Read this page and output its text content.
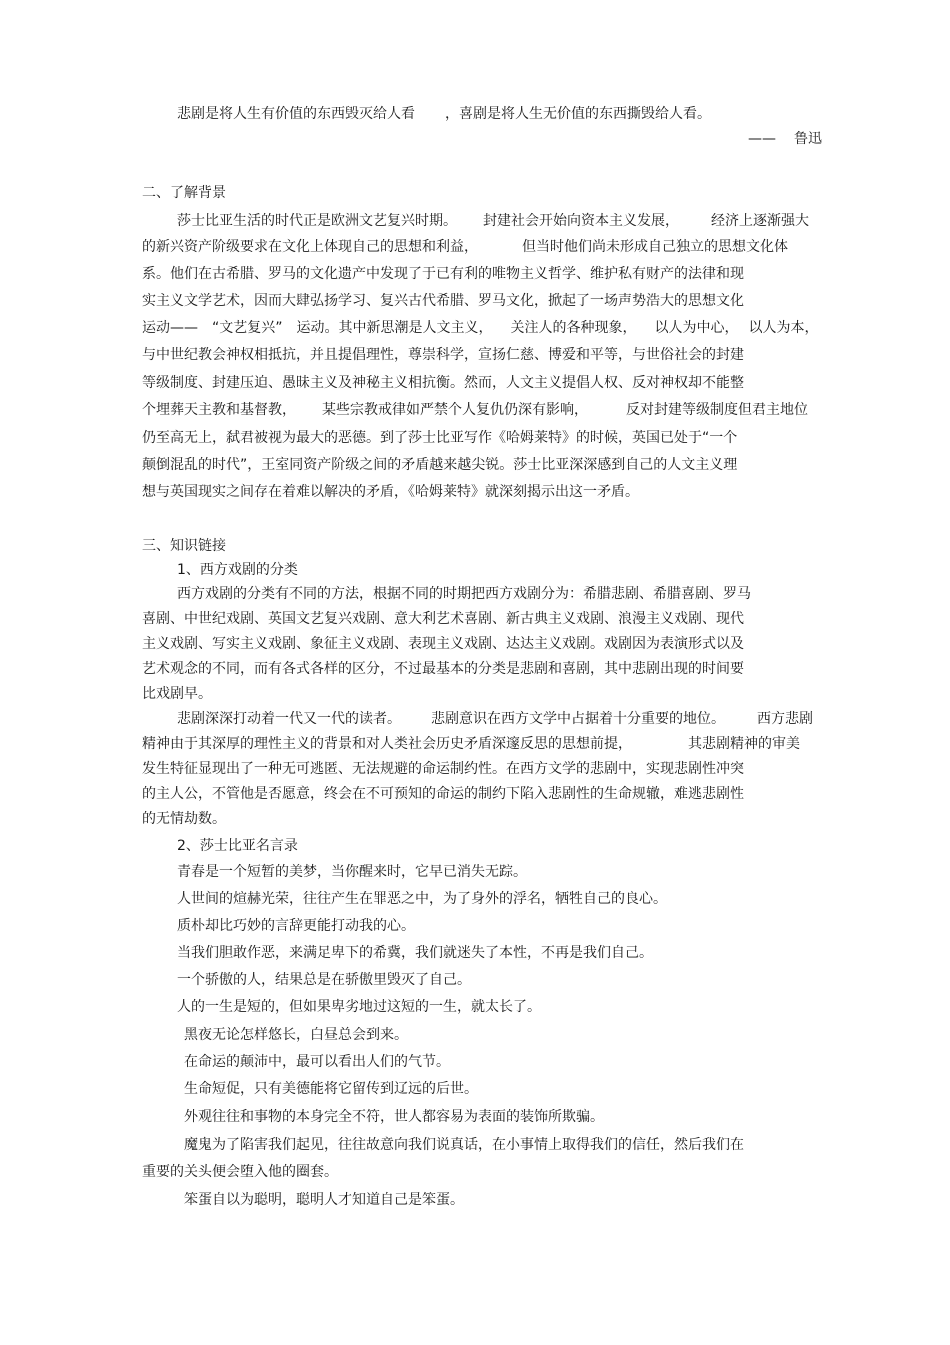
悲剧是将人生有价值的东西毁灭给人看 ，喜剧是将人生无价值的东西撕毁给人看。
—— 鲁迅
二、了解背景
莎士比亚生活的时代正是欧洲文艺复兴时期。 封建社会开始向资本主义发展， 经济上逐渐强大
的新兴资产阶级要求在文化上体现自己的思想和利益，	但当时他们尚未形成自己独立的思想文化体
系。他们在古希腊、罗马的文化遗产中发现了于已有利的唯物主义哲学、维护私有财产的法律和现
实主义文学艺术，因而大肆弘扬学习、复兴古代希腊、罗马文化，掀起了一场声势浩大的思想文化
运动—— “文艺复兴” 运动。其中新思潮是人文主义， 关注人的各种现象， 以人为中心， 以人为本，
与中世纪教会神权相抵抗，并且提倡理性，尊崇科学，宣扬仁慈、博爱和平等，与世俗社会的封建
等级制度、封建压迫、愚昧主义及神秘主义相抗衡。然而，人文主义提倡人权、反对神权却不能整
个埋葬天主教和基督教， 某些宗教戒律如严禁个人复仇仍深有影响，	反对封建等级制度但君主地位
仍至高无上，弑君被视为最大的恶德。到了莎士比亚写作《哈姆莱特》的时候，英国已处于“一个
颠倒混乱的时代”，王室同资产阶级之间的矛盾越来越尖锐。莎士比亚深深感到自己的人文主义理
想与英国现实之间存在着难以解决的矛盾，《哈姆莱特》就深刻揭示出这一矛盾。
三、知识链接
1、西方戏剧的分类
西方戏剧的分类有不同的方法，根据不同的时期把西方戏剧分为：希腊悲剧、希腊喜剧、罗马
喜剧、中世纪戏剧、英国文艺复兴戏剧、意大利艺术喜剧、新古典主义戏剧、浪漫主义戏剧、现代
主义戏剧、写实主义戏剧、象征主义戏剧、表现主义戏剧、达达主义戏剧。戏剧因为表演形式以及
艺术观念的不同，而有各式各样的区分，不过最基本的分类是悲剧和喜剧，其中悲剧出现的时间要
比戏剧早。
悲剧深深打动着一代又一代的读者。 悲剧意识在西方文学中占据着十分重要的地位。 西方悲剧
精神由于其深厚的理性主义的背景和对人类社会历史矛盾深邃反思的思想前提，	其悲剧精神的审美
发生特征显现出了一种无可逃匿、无法规避的命运制约性。在西方文学的悲剧中，实现悲剧性冲突
的主人公，不管他是否愿意，终会在不可预知的命运的制约下陷入悲剧性的生命规辙，难逃悲剧性
的无情劫数。
2、莎士比亚名言录
青春是一个短暂的美梦，当你醒来时，它早已消失无踪。
人世间的煊赫光荣，往往产生在罪恶之中，为了身外的浮名，牺牲自己的良心。
质朴却比巧妙的言辞更能打动我的心。
当我们胆敢作恶，来满足卑下的希冀，我们就迷失了本性，不再是我们自己。
一个骄傲的人，结果总是在骄傲里毁灭了自己。
人的一生是短的，但如果卑劣地过这短的一生，就太长了。
黑夜无论怎样悠长，白昼总会到来。
在命运的颠沛中，最可以看出人们的气节。
生命短促，只有美德能将它留传到辽远的后世。
外观往往和事物的本身完全不符，世人都容易为表面的装饰所欺骗。
魔鬼为了陷害我们起见，往往故意向我们说真话，在小事情上取得我们的信任，然后我们在
重要的关头便会堕入他的圈套。
笨蛋自以为聪明，聪明人才知道自己是笨蛋。
